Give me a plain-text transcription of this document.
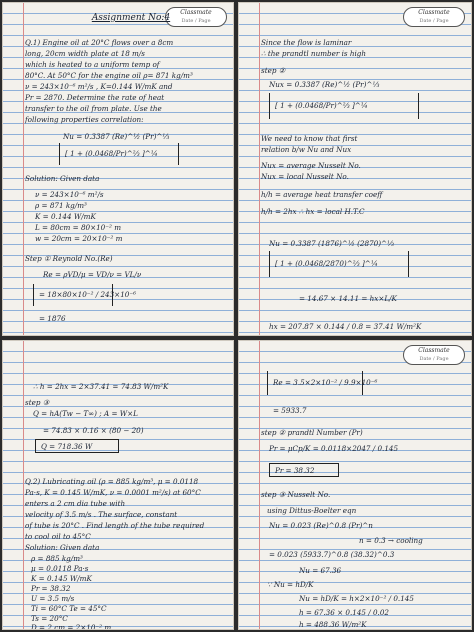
Classmate
Date / Page
Assignment No:4
Q.1) Engine oil at 20°C flows over a 8cm
long, 20cm width plate at 18 m/s
which is heated to a uniform temp of
80°C. At 50°C for the engine oil ρ= 871 kg/m³
ν = 243×10⁻⁶ m²/s , K=0.144 W/mK and
Pr = 2870. Determine the rate of heat
transfer to the oil from plate. Use the
following properties correlation:
Nu = 0.3387 (Re)^½ (Pr)^⅓
[ 1 + (0.0468/Pr)^⅔ ]^¼
Solution: Given data
ν = 243×10⁻⁶ m²/s
ρ = 871 kg/m³
K = 0.144 W/mK
L = 80cm = 80×10⁻² m
w = 20cm = 20×10⁻² m
Step ① Reynold No.(Re)
Re = ρVD/μ = VD/ν = VL/ν
= 18×80×10⁻² / 243×10⁻⁶
= 1876
Classmate
Date / Page
Since the flow is laminar
∴ the prandtl number is high
step ②
Nux = 0.3387 (Re)^½ (Pr)^⅓
[ 1 + (0.0468/Pr)^⅔ ]^¼
We need to know that first
relation b/w Nu and Nux
Nux = average Nusselt No.
Nux = local Nusselt No.
h/h = average heat transfer coeff
h/h = 2hx ∴ hx = local H.T.C
Nu = 0.3387 (1876)^½ (2870)^⅓
[ 1 + (0.0468/2870)^⅔ ]^¼
= 14.67 × 14.11 = hx×L/K
hx = 207.87 × 0.144 / 0.8 = 37.41 W/m²K
∴ h = 2hx = 2×37.41 = 74.83 W/m²K
step ③
Q = hA(Tw − T∞) ; A = W×L
= 74.83 × 0.16 × (80 − 20)
Q = 718.36 W
Q.2) Lubricating oil (ρ = 885 kg/m³, μ = 0.0118
Pa·s, K = 0.145 W/mK, ν = 0.0001 m²/s) at 60°C
enters a 2 cm dia tube with
velocity of 3.5 m/s . The surface, constant
of tube is 20°C . Find length of the tube required
to cool oil to 45°C
Solution: Given data
ρ = 885 kg/m³
μ = 0.0118 Pa·s
K = 0.145 W/mK
Pr = 38.32
U = 3.5 m/s
Ti = 60°C Te = 45°C
Ts = 20°C
D = 2 cm = 2×10⁻² m
Classmate
Date / Page
Re = 3.5×2×10⁻² / 9.9×10⁻⁶
= 5933.7
step ② prandtl Number (Pr)
Pr = μCp/K = 0.0118×2047 / 0.145
Pr = 38.32
step ③ Nusselt No.
using Dittus-Boelter eqn
Nu = 0.023 (Re)^0.8 (Pr)^n
n = 0.3 → cooling
= 0.023 (5933.7)^0.8 (38.32)^0.3
Nu = 67.36
∵ Nu = hD/K
Nu = hD/K = h×2×10⁻² / 0.145
h = 67.36 × 0.145 / 0.02
h = 488.36 W/m²K
